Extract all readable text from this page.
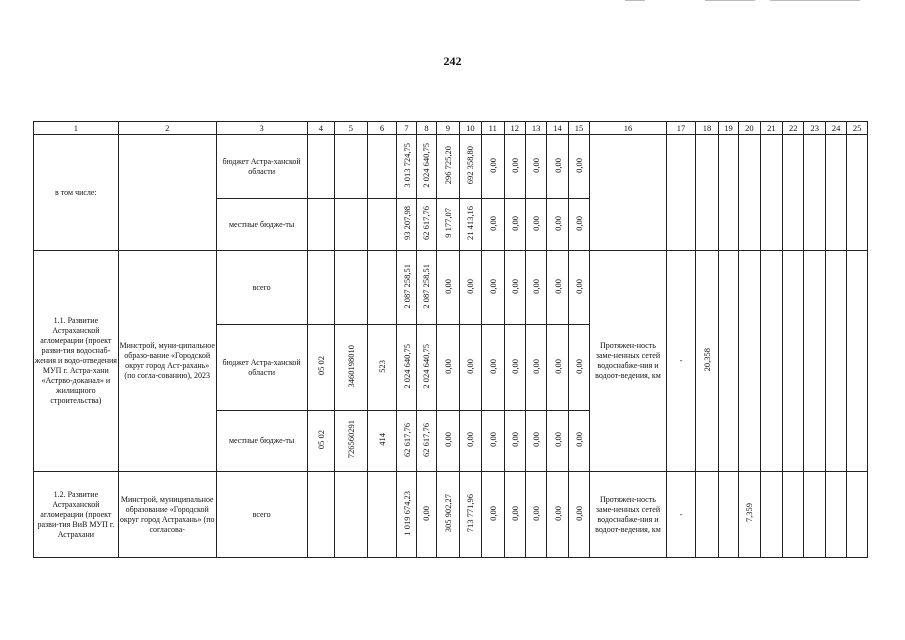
242
1	2	3	4	5	6	7	8	9	10	11	12	13	14	15	16	17	18	19	20	21	22	23	24	25
в том числе:		бюджет Астра-ханской области				3 013 724,75	2 024 640,75	296 725,20	692 358,80	0,00	0,00	0,00	0,00	0,00										
		местные бюдже-ты				93 207,98	62 617,76	9 177,07	21 413,16	0,00	0,00	0,00	0,00	0,00										
1.1. Развитие Астраханской агломерации (проект разви-тия водоснаб-жения и водо-отведения МУП г. Астра-хани «Астрво-доканал» и жилищного строительства)	Минстрой, муни-ципальное образо-вание «Городской округ город Аст-рахань» (по согла-сованию), 2023	всего				2 087 258,51	2 087 258,51	0,00	0,00	0,00	0,00	0,00	0,00	0,00	Протяжен-ность заме-ненных сетей водоснабже-ния и водоот-ведения, км	-	20,358							
		бюджет Астра-ханской области	05 02	3460198010	523	2 024 640,75	2 024 640,75	0,00	0,00	0,00	0,00	0,00	0,00	0,00										
		местные бюдже-ты	05 02	726560291	414	62 617,76	62 617,76	0,00	0,00	0,00	0,00	0,00	0,00	0,00										
1.2. Развитие Астраханской агломерации (проект разви-тия ВиВ МУП г. Астрахани	Минстрой, муниципальное образование «Городской округ город Астрахань» (по согласова-	всего				1 019 674,23	0,00	305 902,27	713 771,96	0,00	0,00	0,00	0,00	0,00	Протяжен-ность заме-ненных сетей водоснабже-ния и водоот-ведения, км	-			7,359					
